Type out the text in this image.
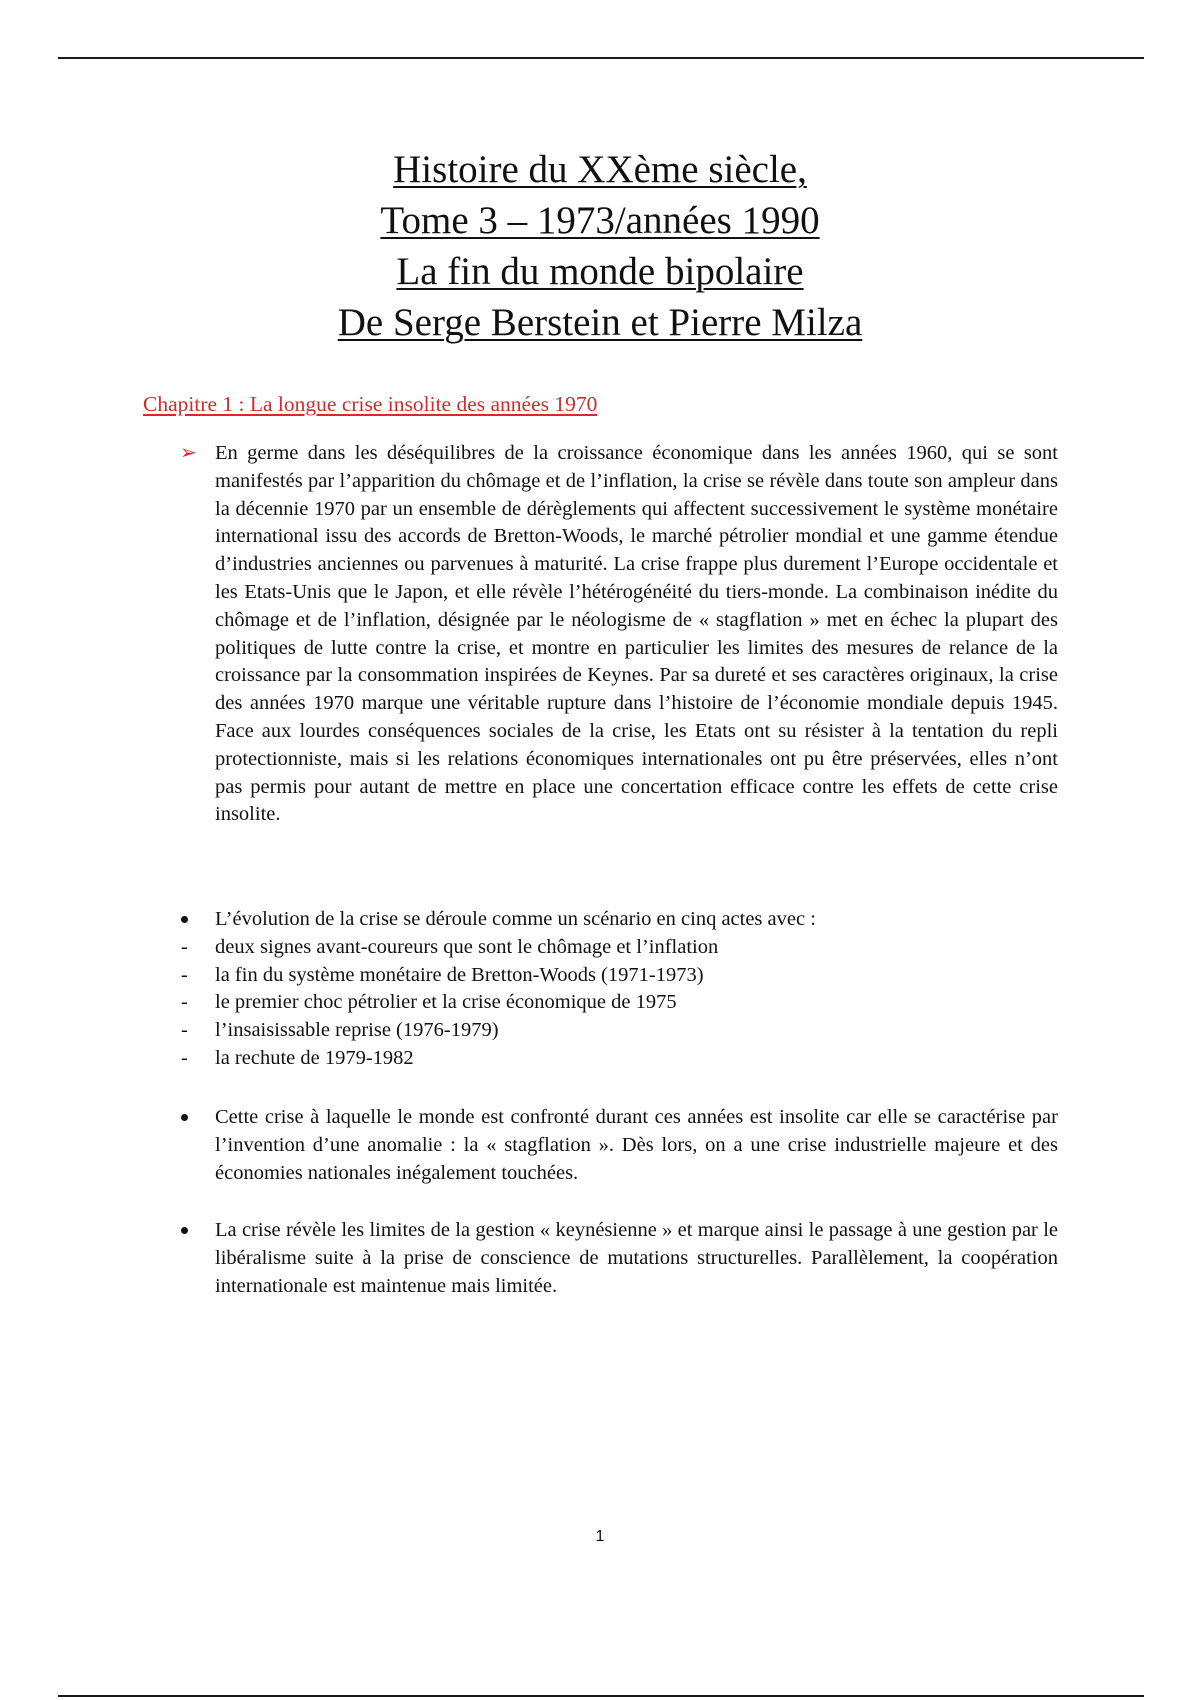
Histoire du XXème siècle,
Tome 3 – 1973/années 1990
La fin du monde bipolaire
De Serge Berstein et Pierre Milza
Chapitre 1 : La longue crise insolite des années 1970
➢ En germe dans les déséquilibres de la croissance économique dans les années 1960, qui se sont manifestés par l’apparition du chômage et de l’inflation, la crise se révèle dans toute son ampleur dans la décennie 1970 par un ensemble de dérèglements qui affectent successivement le système monétaire international issu des accords de Bretton-Woods, le marché pétrolier mondial et une gamme étendue d’industries anciennes ou parvenues à maturité. La crise frappe plus durement l’Europe occidentale et les Etats-Unis que le Japon, et elle révèle l’hétérogénéité du tiers-monde. La combinaison inédite du chômage et de l’inflation, désignée par le néologisme de « stagflation » met en échec la plupart des politiques de lutte contre la crise, et montre en particulier les limites des mesures de relance de la croissance par la consommation inspirées de Keynes. Par sa dureté et ses caractères originaux, la crise des années 1970 marque une véritable rupture dans l’histoire de l’économie mondiale depuis 1945. Face aux lourdes conséquences sociales de la crise, les Etats ont su résister à la tentation du repli protectionniste, mais si les relations économiques internationales ont pu être préservées, elles n’ont pas permis pour autant de mettre en place une concertation efficace contre les effets de cette crise insolite.
L’évolution de la crise se déroule comme un scénario en cinq actes avec :
-	deux signes avant-coureurs que sont le chômage et l’inflation
-	la fin du système monétaire de Bretton-Woods (1971-1973)
-	le premier choc pétrolier et la crise économique de 1975
-	l’insaisissable reprise (1976-1979)
-	la rechute de 1979-1982
Cette crise à laquelle le monde est confronté durant ces années est insolite car elle se caractérise par l’invention d’une anomalie : la « stagflation ». Dès lors, on a une crise industrielle majeure et des économies nationales inégalement touchées.
La crise révèle les limites de la gestion « keynésienne » et marque ainsi le passage à une gestion par le libéralisme suite à la prise de conscience de mutations structurelles. Parallèlement, la coopération internationale est maintenue mais limitée.
1
